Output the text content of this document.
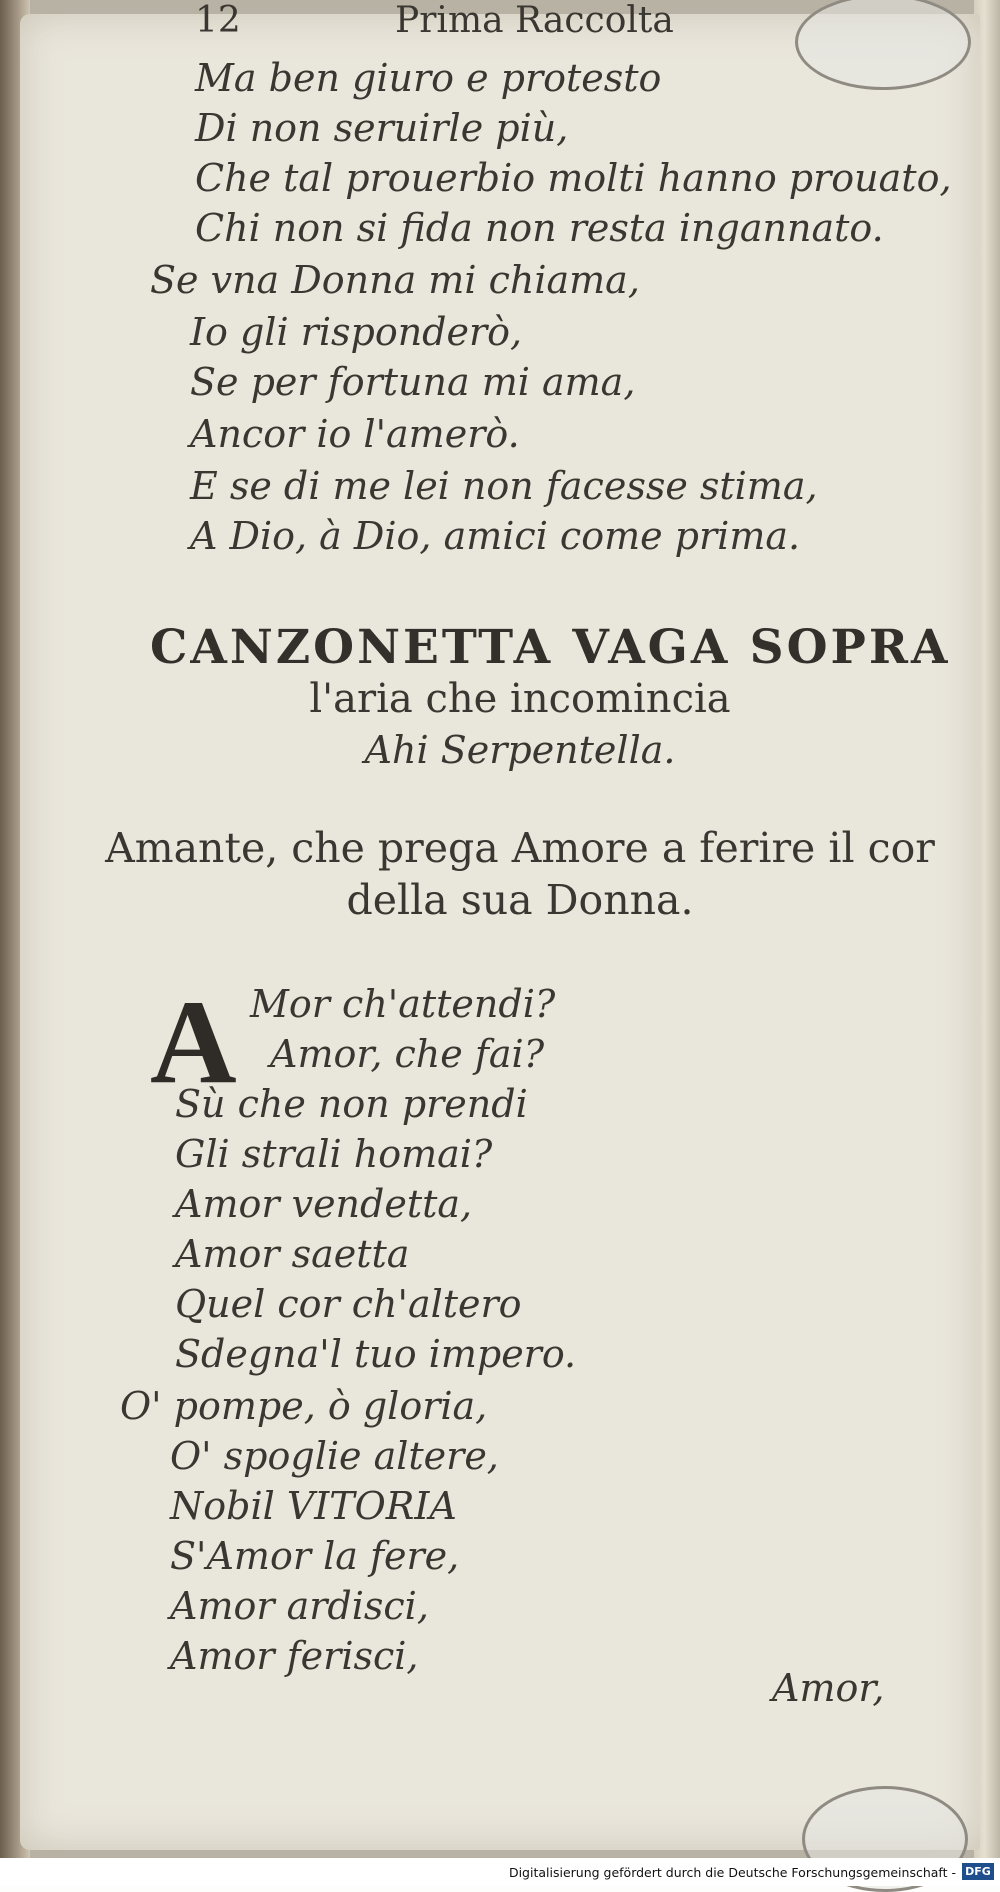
12	Prima Raccolta
Ma ben giuro e protesto
Di non seruirle più,
Che tal prouerbio molti hanno prouato,
Chi non si fida non resta ingannato.
Se vna Donna mi chiama,
Io gli risponderò,
Se per fortuna mi ama,
Ancor io l'amerò.
E se di me lei non facesse stima,
A Dio, à Dio, amici come prima.
CANZONETTA VAGA SOPRA
l'aria che incomincia
Ahi Serpentella.
Amante, che prega Amore a ferire il cor
della sua Donna.
A Mor ch'attendi?
Amor, che fai?
Sù che non prendi
Gli strali homai?
Amor vendetta,
Amor saetta
Quel cor ch'altero
Sdegna'l tuo impero.
O' pompe, ò gloria,
O' spoglie altere,
Nobil VITORIA
S'Amor la fere,
Amor ardisci,
Amor ferisci,
Amor,
Digitalisierung gefördert durch die Deutsche Forschungsgemeinschaft - DFG
